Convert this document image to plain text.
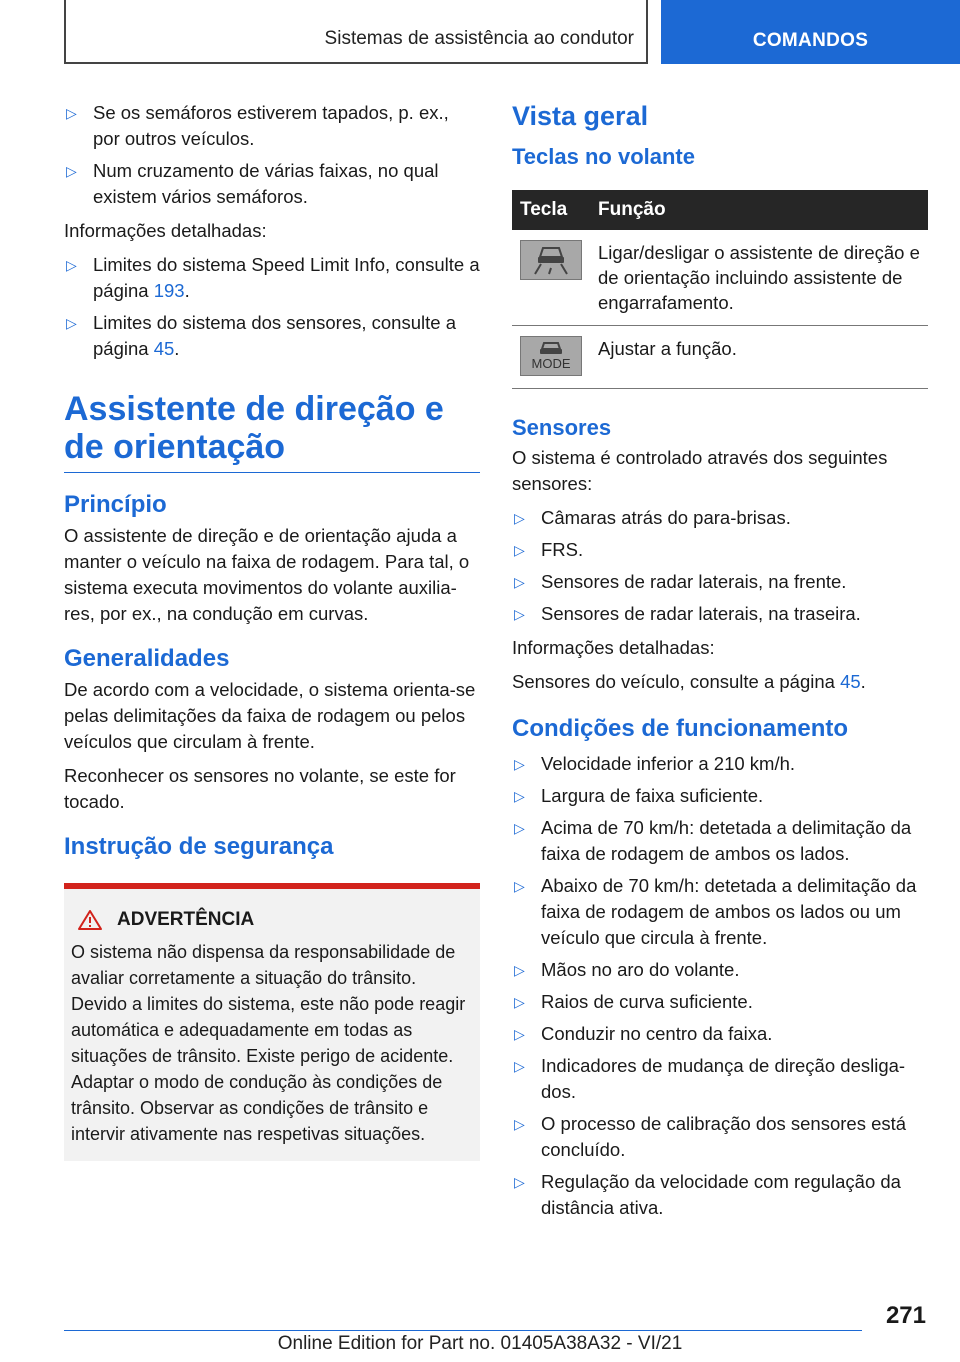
Sistemas de assistência ao condutor	COMANDOS
▷ Se os semáforos estiverem tapados, p. ex., por outros veículos.
▷ Num cruzamento de várias faixas, no qual existem vários semáforos.

Informações detalhadas:

▷ Limites do sistema Speed Limit Info, consulte a página 193.
▷ Limites do sistema dos sensores, consulte a página 45.
Assistente de direção e de orientação
Princípio

O assistente de direção e de orientação ajuda a manter o veículo na faixa de rodagem. Para tal, o sistema executa movimentos do volante auxiliares, por ex., na condução em curvas.

Generalidades

De acordo com a velocidade, o sistema orienta-se pelas delimitações da faixa de rodagem ou pelos veículos que circulam à frente.

Reconhecer os sensores no volante, se este for tocado.

Instrução de segurança
ADVERTÊNCIA

O sistema não dispensa da responsabilidade de avaliar corretamente a situação do trânsito. Devido a limites do sistema, este não pode reagir automática e adequadamente em todas as situações de trânsito. Existe perigo de acidente. Adaptar o modo de condução às condições de trânsito. Observar as condições de trânsito e intervir ativamente nas respetivas situações.

Vista geral
Teclas no volante
Tecla	Função

	Ligar/desligar o assistente de direção e de orientação incluindo assistente de engarrafamento.

MODE	Ajustar a função.
Sensores

O sistema é controlado através dos seguintes sensores:

▷ Câmaras atrás do para-brisas.
▷ FRS.
▷ Sensores de radar laterais, na frente.
▷ Sensores de radar laterais, na traseira.

Informações detalhadas:

Sensores do veículo, consulte a página 45.

Condições de funcionamento
▷ Velocidade inferior a 210 km/h.
▷ Largura de faixa suficiente.
▷ Acima de 70 km/h: detetada a delimitação da faixa de rodagem de ambos os lados.
▷ Abaixo de 70 km/h: detetada a delimitação da faixa de rodagem de ambos os lados ou um veículo que circula à frente.
▷ Mãos no aro do volante.
▷ Raios de curva suficiente.
▷ Conduzir no centro da faixa.
▷ Indicadores de mudança de direção desligados.
▷ O processo de calibração dos sensores está concluído.
▷ Regulação da velocidade com regulação da distância ativa.
271
Online Edition for Part no. 01405A38A32 - VI/21
